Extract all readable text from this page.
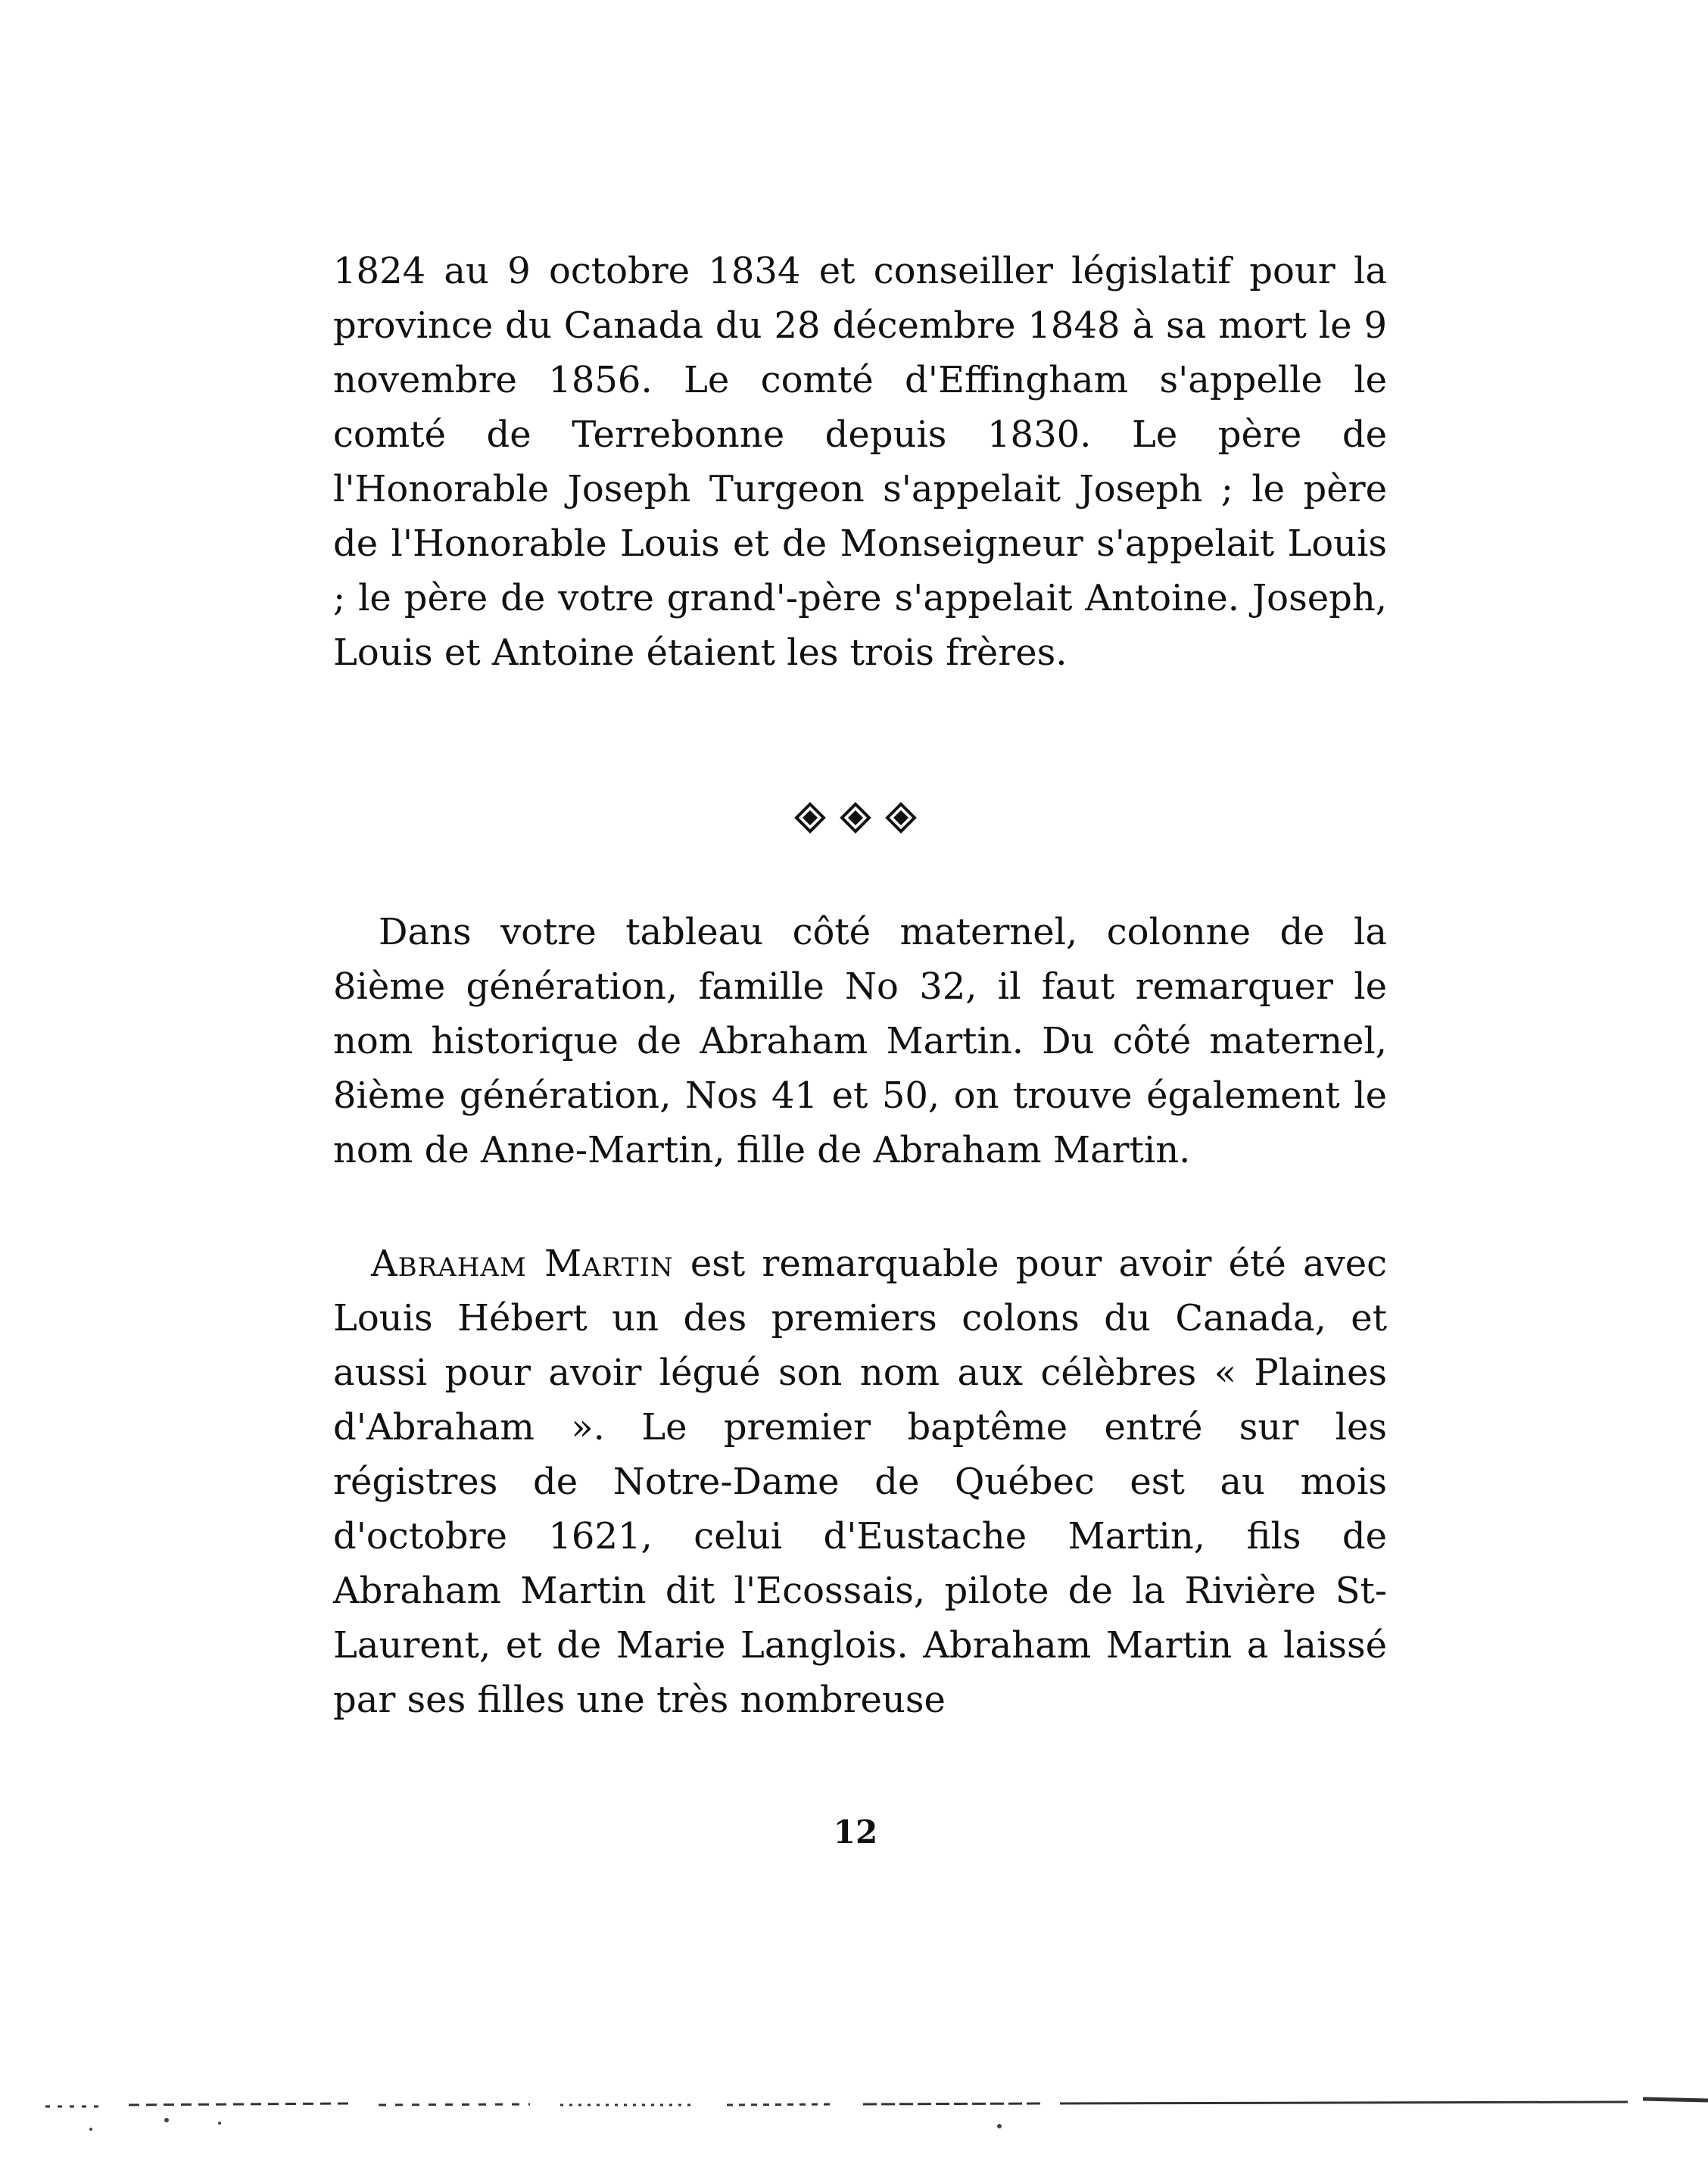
1824 au 9 octobre 1834 et conseiller législatif pour la province du Canada du 28 décembre 1848 à sa mort le 9 novembre 1856. Le comté d'Effingham s'appelle le comté de Terrebonne depuis 1830. Le père de l'Honorable Joseph Turgeon s'appelait Joseph ; le père de l'Honorable Louis et de Monseigneur s'appelait Louis ; le père de votre grand'-père s'appelait Antoine. Joseph, Louis et Antoine étaient les trois frères.

Dans votre tableau côté maternel, colonne de la 8ième génération, famille No 32, il faut remarquer le nom historique de Abraham Martin. Du côté maternel, 8ième génération, Nos 41 et 50, on trouve également le nom de Anne-Martin, fille de Abraham Martin.

Abraham Martin est remarquable pour avoir été avec Louis Hébert un des premiers colons du Canada, et aussi pour avoir légué son nom aux célèbres « Plaines d'Abraham ». Le premier baptême entré sur les régistres de Notre-Dame de Québec est au mois d'octobre 1621, celui d'Eustache Martin, fils de Abraham Martin dit l'Ecossais, pilote de la Rivière St-Laurent, et de Marie Langlois. Abraham Martin a laissé par ses filles une très nombreuse

12
